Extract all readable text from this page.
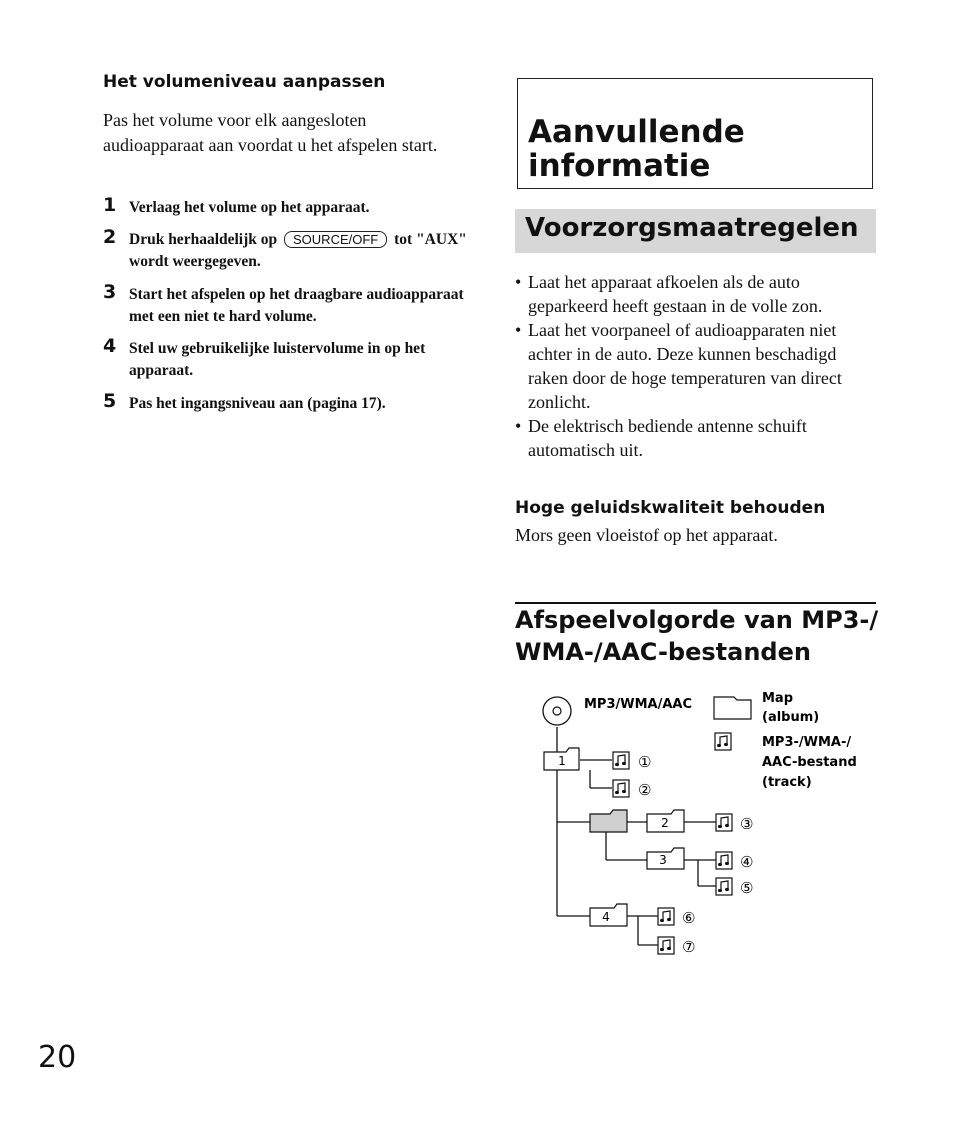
Het volumeniveau aanpassen
Pas het volume voor elk aangesloten audioapparaat aan voordat u het afspelen start.
1 Verlaag het volume op het apparaat.
2 Druk herhaaldelijk op SOURCE/OFF tot "AUX" wordt weergegeven.
3 Start het afspelen op het draagbare audioapparaat met een niet te hard volume.
4 Stel uw gebruikelijke luistervolume in op het apparaat.
5 Pas het ingangsniveau aan (pagina 17).
20
Aanvullende informatie
Voorzorgsmaatregelen
• Laat het apparaat afkoelen als de auto geparkeerd heeft gestaan in de volle zon.
• Laat het voorpaneel of audioapparaten niet achter in de auto. Deze kunnen beschadigd raken door de hoge temperaturen van direct zonlicht.
• De elektrisch bediende antenne schuift automatisch uit.
Hoge geluidskwaliteit behouden
Mors geen vloeistof op het apparaat.
Afspeelvolgorde van MP3-/ WMA-/AAC-bestanden
MP3/WMA/AAC	Map
(album)
MP3-/WMA-/
AAC-bestand
(track)
1
2
3
4
①
②
③
④
⑤
⑥
⑦
